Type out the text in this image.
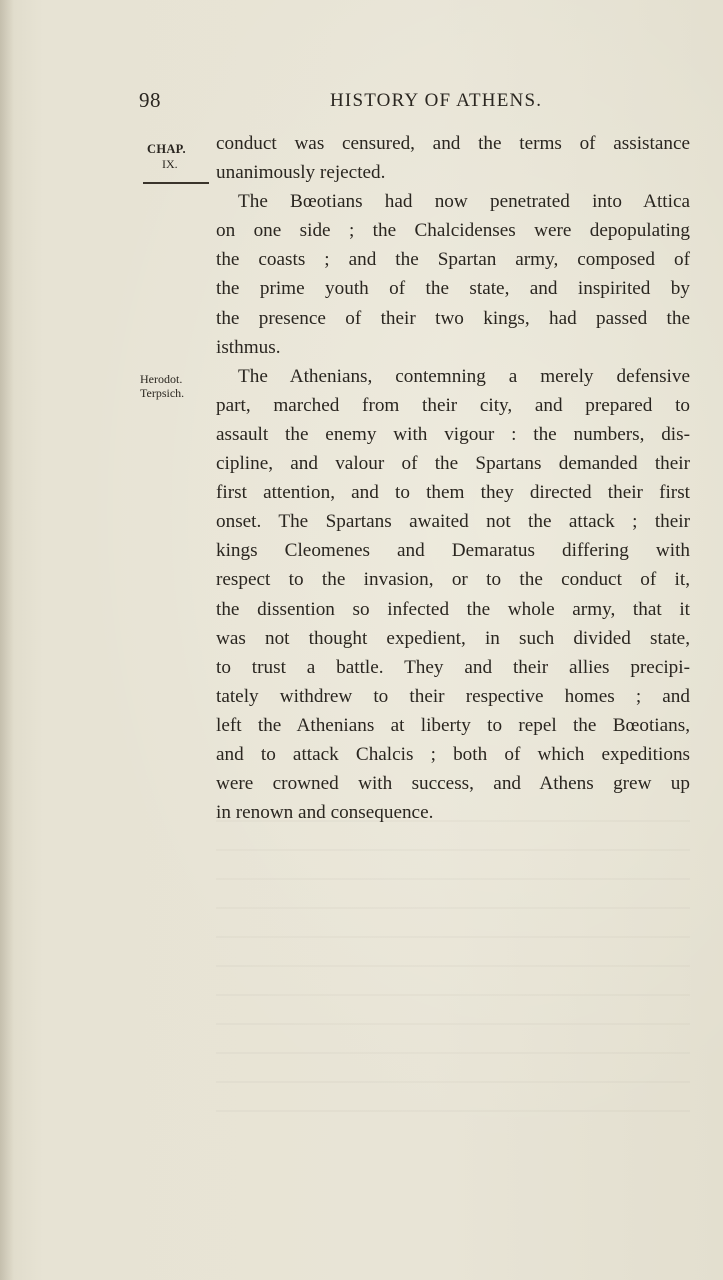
98	HISTORY OF ATHENS.
CHAP.
IX.
Herodot.
Terpsich.
conduct was censured, and the terms of assistance
unanimously rejected.
The Bœotians had now penetrated into Attica
on one side ; the Chalcidenses were depopulating
the coasts ; and the Spartan army, composed of
the prime youth of the state, and inspirited by
the presence of their two kings, had passed the
isthmus.
The Athenians, contemning a merely defensive
part, marched from their city, and prepared to
assault the enemy with vigour : the numbers, dis-
cipline, and valour of the Spartans demanded their
first attention, and to them they directed their first
onset. The Spartans awaited not the attack ; their
kings Cleomenes and Demaratus differing with
respect to the invasion, or to the conduct of it,
the dissention so infected the whole army, that it
was not thought expedient, in such divided state,
to trust a battle. They and their allies precipi-
tately withdrew to their respective homes ; and
left the Athenians at liberty to repel the Bœotians,
and to attack Chalcis ; both of which expeditions
were crowned with success, and Athens grew up
in renown and consequence.
